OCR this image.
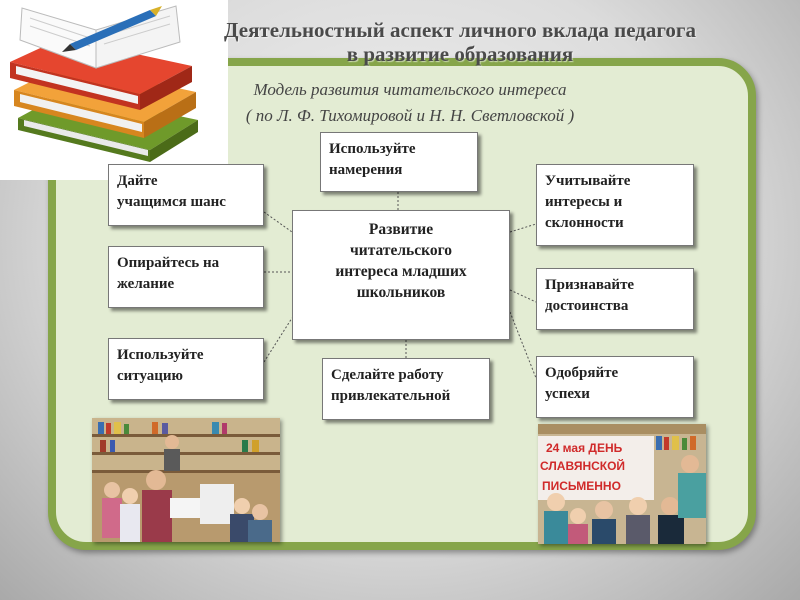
Деятельностный аспект личного вклада педагога
в развитие образования
Модель развития читательского интереса
( по Л. Ф. Тихомировой и Н. Н. Светловской )
Развитие
читательского
интереса младших
школьников
Дайте
учащимся шанс
Опирайтесь на
желание
Используйте
ситуацию
Используйте
намерения
Сделайте работу
привлекательной
Учитывайте
интересы и
склонности
Признавайте
достоинства
Одобряйте
успехи
24 мая ДЕНЬ
СЛАВЯНСКОЙ
ПИСЬМЕННО
